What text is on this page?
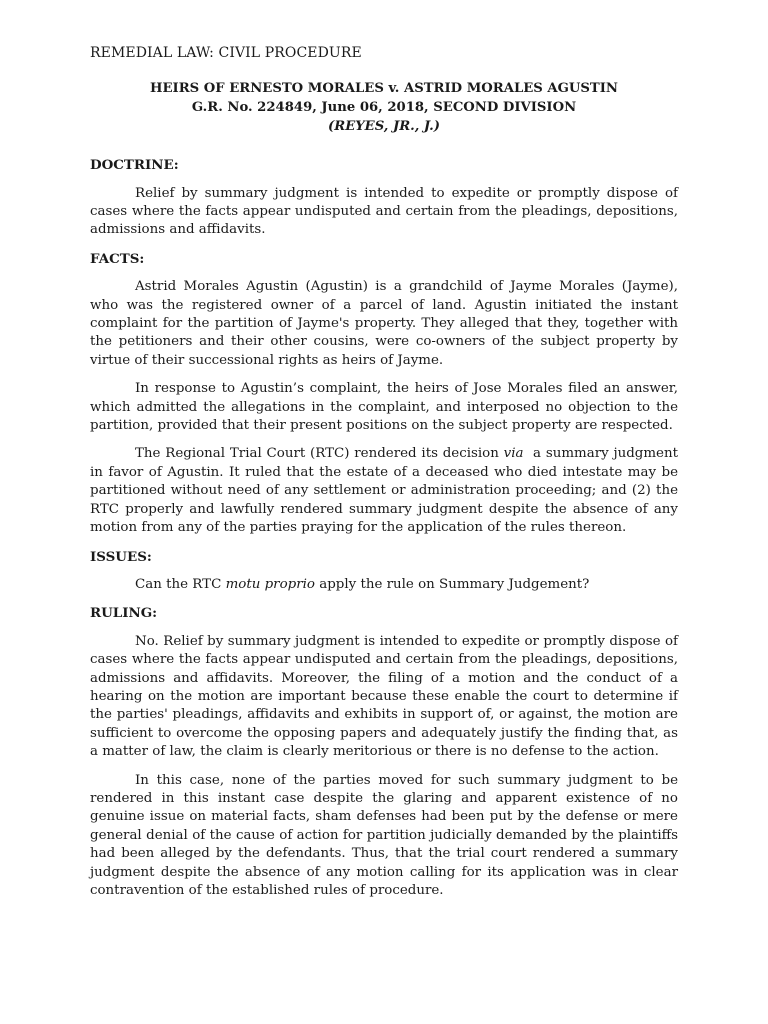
REMEDIAL LAW: CIVIL PROCEDURE
HEIRS OF ERNESTO MORALES v. ASTRID MORALES AGUSTIN
G.R. No. 224849, June 06, 2018, SECOND DIVISION
(REYES, JR., J.)
DOCTRINE:

Relief by summary judgment is intended to expedite or promptly dispose of cases where the facts appear undisputed and certain from the pleadings, depositions, admissions and affidavits.

FACTS:

Astrid Morales Agustin (Agustin) is a grandchild of Jayme Morales (Jayme), who was the registered owner of a parcel of land. Agustin initiated the instant complaint for the partition of Jayme's property. They alleged that they, together with the petitioners and their other cousins, were co-owners of the subject property by virtue of their successional rights as heirs of Jayme.

In response to Agustin’s complaint, the heirs of Jose Morales filed an answer, which admitted the allegations in the complaint, and interposed no objection to the partition, provided that their present positions on the subject property are respected.

The Regional Trial Court (RTC) rendered its decision via  a summary judgment in favor of Agustin. It ruled that the estate of a deceased who died intestate may be partitioned without need of any settlement or administration proceeding; and (2) the RTC properly and lawfully rendered summary judgment despite the absence of any motion from any of the parties praying for the application of the rules thereon.

ISSUES:

Can the RTC motu proprio apply the rule on Summary Judgement?

RULING:

No. Relief by summary judgment is intended to expedite or promptly dispose of cases where the facts appear undisputed and certain from the pleadings, depositions, admissions and affidavits. Moreover, the filing of a motion and the conduct of a hearing on the motion are important because these enable the court to determine if the parties' pleadings, affidavits and exhibits in support of, or against, the motion are sufficient to overcome the opposing papers and adequately justify the finding that, as a matter of law, the claim is clearly meritorious or there is no defense to the action.

In this case, none of the parties moved for such summary judgment to be rendered in this instant case despite the glaring and apparent existence of no genuine issue on material facts, sham defenses had been put by the defense or mere general denial of the cause of action for partition judicially demanded by the plaintiffs had been alleged by the defendants. Thus, that the trial court rendered a summary judgment despite the absence of any motion calling for its application was in clear contravention of the established rules of procedure.
